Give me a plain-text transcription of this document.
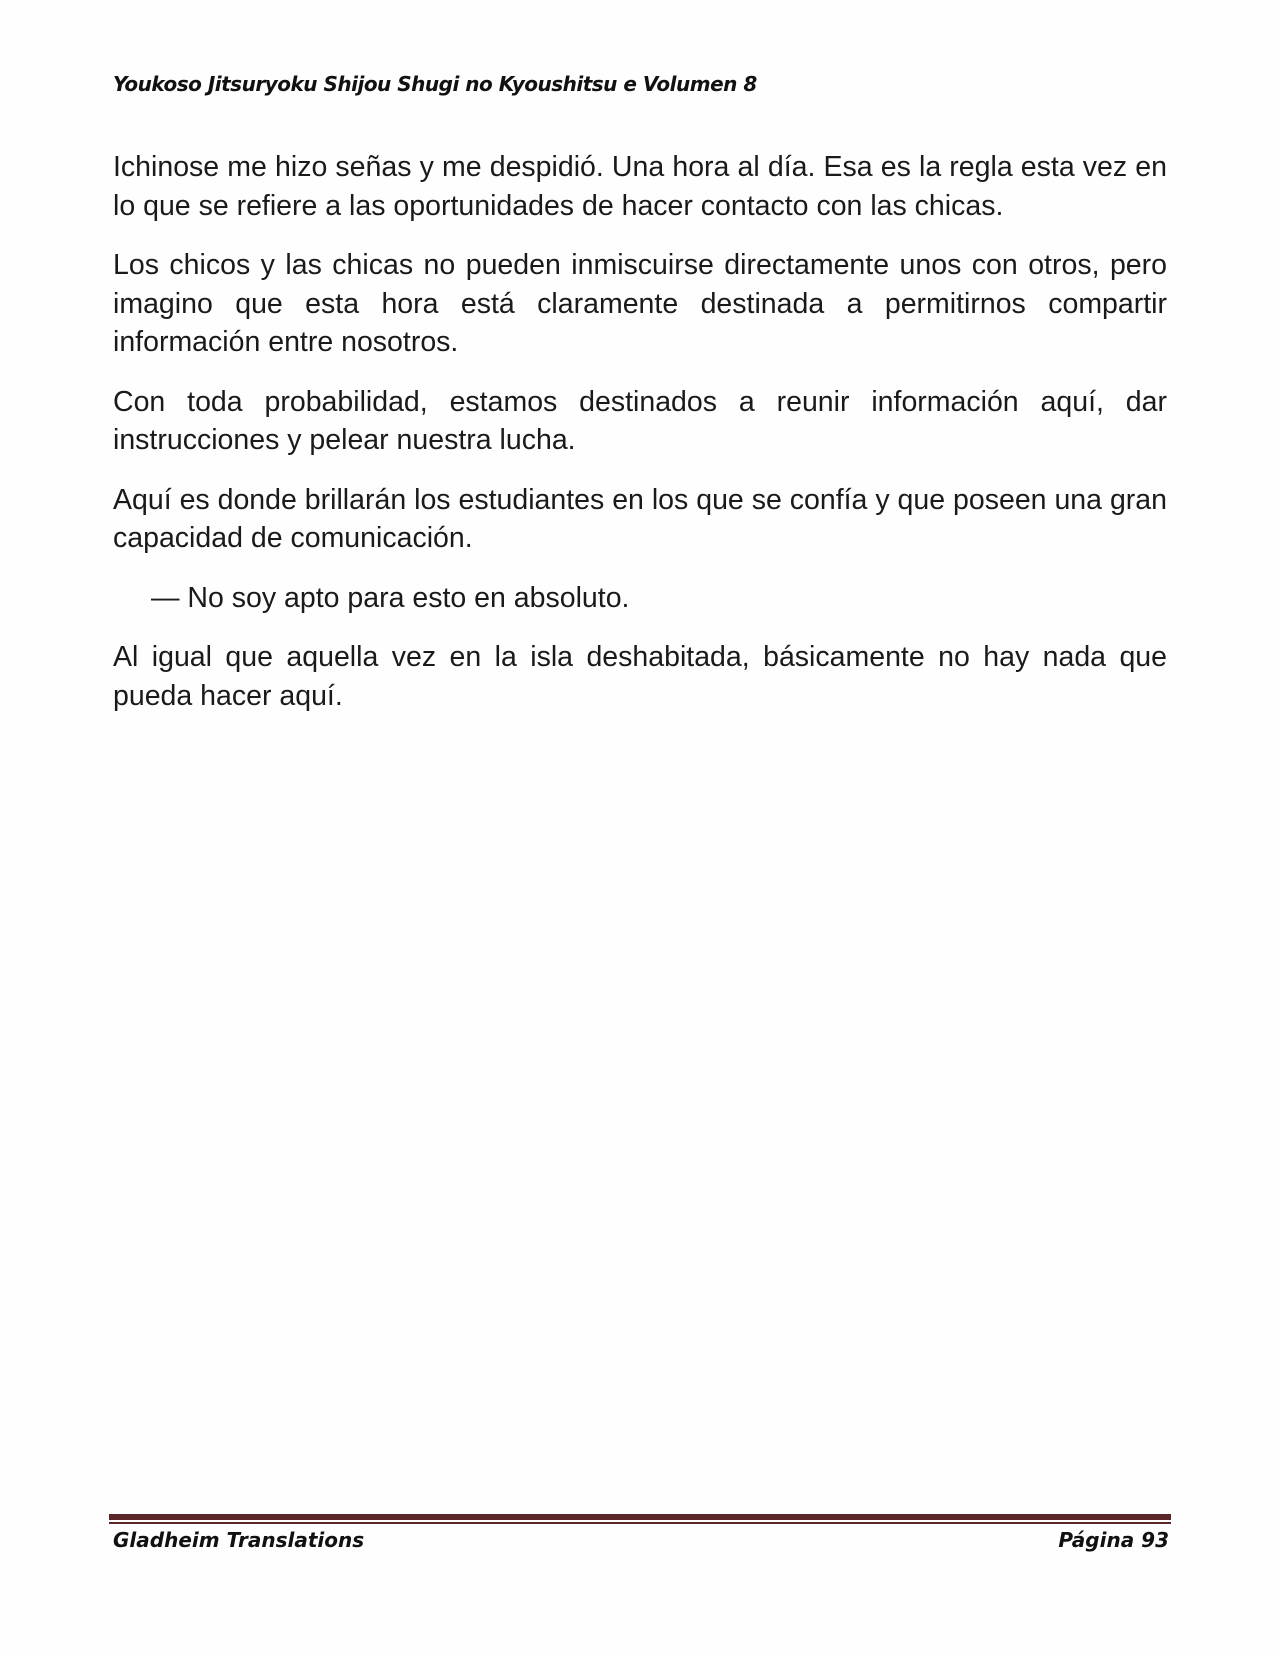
Youkoso Jitsuryoku Shijou Shugi no Kyoushitsu e Volumen 8

Ichinose me hizo señas y me despidió. Una hora al día. Esa es la regla esta vez en lo que se refiere a las oportunidades de hacer contacto con las chicas.

Los chicos y las chicas no pueden inmiscuirse directamente unos con otros, pero imagino que esta hora está claramente destinada a permitirnos compartir información entre nosotros.

Con toda probabilidad, estamos destinados a reunir información aquí, dar instrucciones y pelear nuestra lucha.

Aquí es donde brillarán los estudiantes en los que se confía y que poseen una gran capacidad de comunicación.

— No soy apto para esto en absoluto.

Al igual que aquella vez en la isla deshabitada, básicamente no hay nada que pueda hacer aquí.

Gladheim Translations	Página 93
